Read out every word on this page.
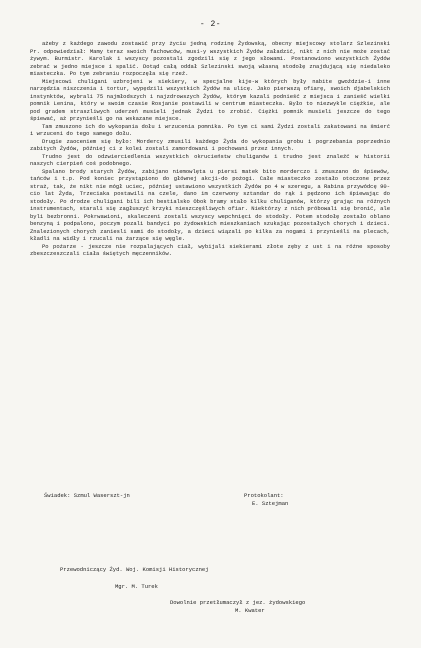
- 2-

ażeby z każdego zawodu zostawić przy życiu jedną rodzinę Żydowską, obecny miejscowy stolarz Szlezinski Pr. odpowiedział: Mamy teraz swoich fachowców, musi-y wszystkich Żydów załadzić, nikt z nich nie może zostać żywym. Burmistr. Karolak i wszyscy pozostali zgodzili się z jego słowami. Postanowiono wszystkich Żydów zebrać w jedno miejsce i spalić. Dotąd całą oddał Szlezinski swoją własną stodołę znajdującą się niedaleko miasteczka. Po tym zebraniu rozpoczęła się rzeź.

Miejscowi chuligani uzbrojeni w siekiery, w specjalne kije-w których były nabite gwoździe-i inne narzędzia niszczenia i tortur, wypędzili wszystkich Żydów na ulicę. Jako pierwszą ofiarę, swoich djabelskich instynktów, wybrali 75 najmłodszych i najzdrowszych Żydów, którym kazali podnieść z miejsca i zanieść wielki pomnik Lenina, który w swoim czasie Rosjanie postawili w centrum miasteczka. Było to niezwykle ciężkie, ale pod gradem straszliwych uderzeń musieli jednak Żydzi to zrobić. Ciężki pomnik musieli jeszcze do tego śpiewać, aż przynieśli go na wskazane miejsce.

Tam zmuszono ich do wykopania dołu i wrzucenia pomnika. Po tym ci sami Żydzi zostali zakatowani na śmierć i wrzuceni do tego samego dołu.

Drugie zaoceniem się było: Mordercy zmusili każdego Żyda do wykopania grobu i pogrzebania poprzednio zabitych Żydów, później ci z kolei zostali zamordowani i pochowani przez innych.

Trudno jest do odzwierciedlenia wszystkich okrucieństw chuliganów i trudno jest znaleźć w historii naszych cierpień coś podobnego.

Spalano brody starych Żydów, zabijano niemowlęta u piersi matek bito morderczo i zmuszano do śpiewów, tańców i t.p. Pod koniec przystąpiono do głównej akcji-do pożogi. Całe miasteczko zostało otoczone przez straż, tak, że nikt nie mógł uciec, później ustawiono wszystkich Żydów po 4 w szeregu, a Rabina przywódcę 90-cio lat Żyda, Trzeciaka postawili na czele, dano im czerwony sztandar do rąk i pędzono ich śpiewając do stodoły. Po drodze chuligani bili ich bestialsko Obok bramy stało kilku chuliganów, którzy grając na różnych instrumentach, starali się zagłuszyć krzyki nieszczęśliwych ofiar. Niektórzy z nich próbowali się bronić, ale byli bezbronni. Pokrwawioni, skaleczeni zostali wszyscy wepchnięci do stodoły. Potem stodołę zostało oblano benzyną i podpalono, poczym pozali bandyci po żydowskich mieszkaniach szukając pozostałych chorych i dzieci. Znalezionych chorych zaniesli sami do stodoły, a dzieci wiązali po kilka za nogami i przynieśli na plecach, kładli na widły i rzucali na żarzące się węgle.

Po pożarze - jeszcze nie rozpalających ciał, wybijali siekierami złote zęby z ust i na różne sposoby zbeszczeszczali ciała świętych męczenników.

Świadek: Szmul Waserszt-jn	Protokolant:
E. Sztejman
Przewodniczący Żyd. Woj. Komisji Historycznej
Mgr. M. Turek
Dowolnie przetłumaczył z jez. żydowskiego
M. Kwater
